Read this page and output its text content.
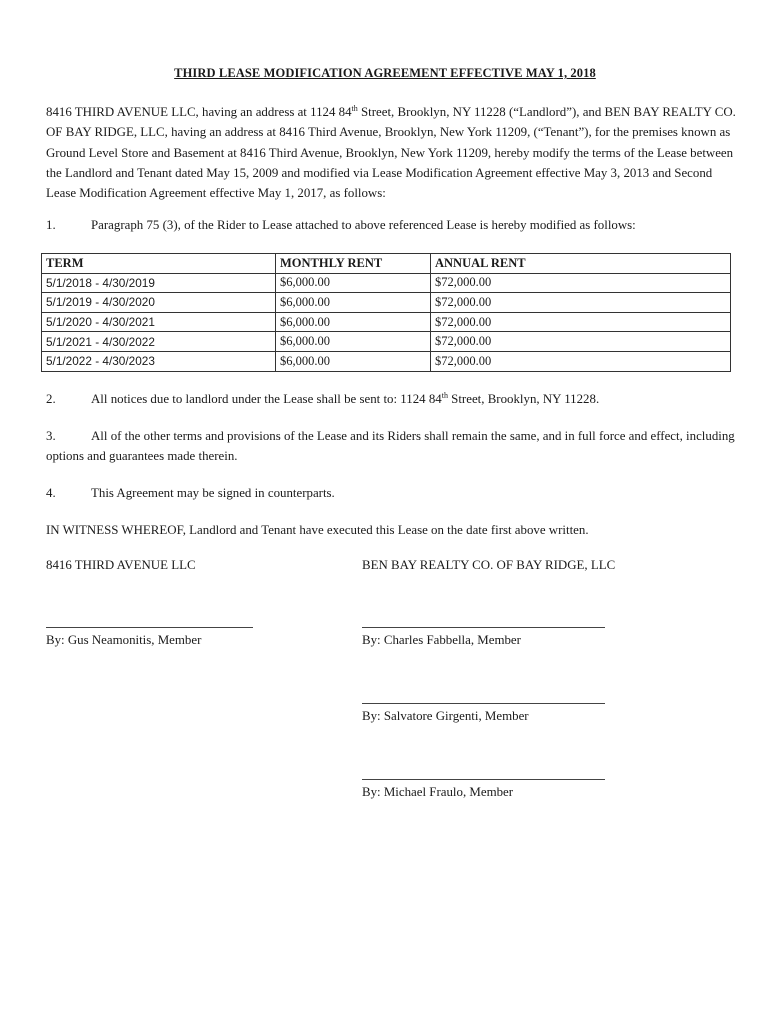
THIRD LEASE MODIFICATION AGREEMENT EFFECTIVE MAY 1, 2018
8416 THIRD AVENUE LLC, having an address at 1124 84th Street, Brooklyn, NY 11228 (“Landlord”), and BEN BAY REALTY CO. OF BAY RIDGE, LLC, having an address at 8416 Third Avenue, Brooklyn, New York 11209, (“Tenant”), for the premises known as Ground Level Store and Basement at 8416 Third Avenue, Brooklyn, New York 11209, hereby modify the terms of the Lease between the Landlord and Tenant dated May 15, 2009 and modified via Lease Modification Agreement effective May 3, 2013 and Second Lease Modification Agreement effective May 1, 2017, as follows:
1.	Paragraph 75 (3), of the Rider to Lease attached to above referenced Lease is hereby modified as follows:
TERM	MONTHLY RENT	ANNUAL RENT
5/1/2018 - 4/30/2019	$6,000.00	$72,000.00
5/1/2019 - 4/30/2020	$6,000.00	$72,000.00
5/1/2020 - 4/30/2021	$6,000.00	$72,000.00
5/1/2021 - 4/30/2022	$6,000.00	$72,000.00
5/1/2022 - 4/30/2023	$6,000.00	$72,000.00
2.	All notices due to landlord under the Lease shall be sent to: 1124 84th Street, Brooklyn, NY 11228.
3.	All of the other terms and provisions of the Lease and its Riders shall remain the same, and in full force and effect, including options and guarantees made therein.
4.	This Agreement may be signed in counterparts.
IN WITNESS WHEREOF, Landlord and Tenant have executed this Lease on the date first above written.
8416 THIRD AVENUE LLC	BEN BAY REALTY CO. OF BAY RIDGE, LLC
By: Gus Neamonitis, Member	By: Charles Fabbella, Member
By: Salvatore Girgenti, Member
By: Michael Fraulo, Member
